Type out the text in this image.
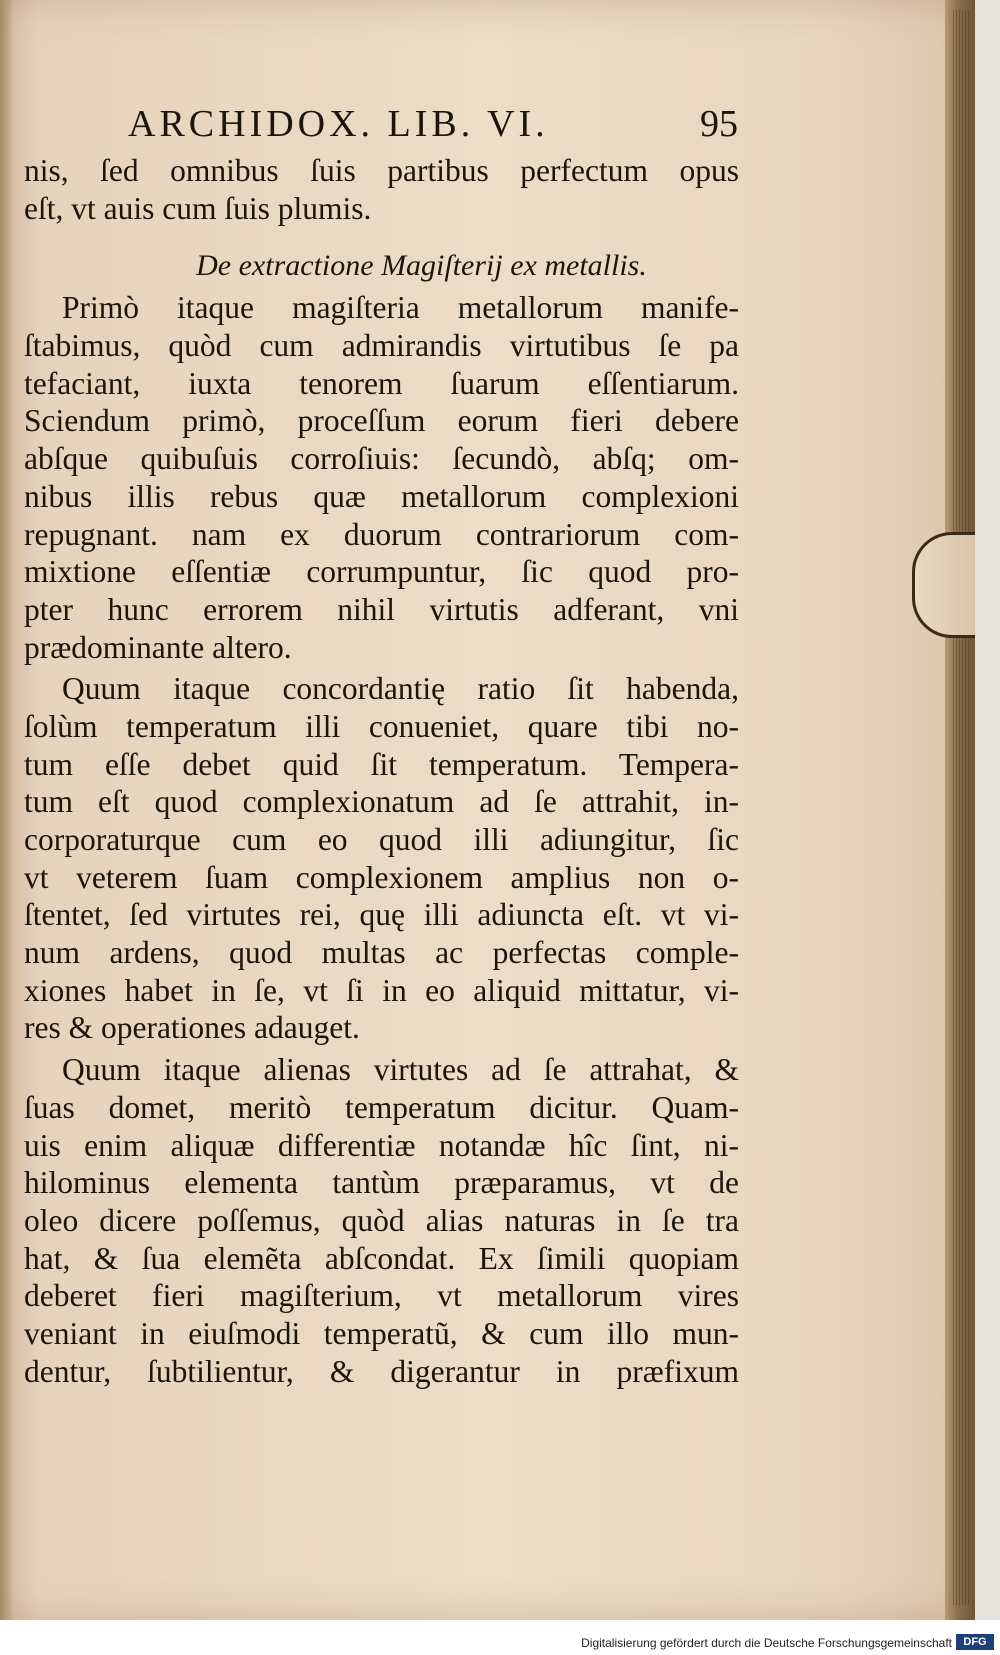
ARCHIDOX. LIB. VI.	95
nis, ſed omnibus ſuis partibus perfectum opus
eſt, vt auis cum ſuis plumis.
De extractione Magiſterij ex metallis.
Primò itaque magiſteria metallorum manife-
ſtabimus, quòd cum admirandis virtutibus ſe pa
tefaciant, iuxta tenorem ſuarum eſſentiarum.
Sciendum primò, proceſſum eorum fieri debere
abſque quibuſuis corroſiuis: ſecundò, abſq; om-
nibus illis rebus quæ metallorum complexioni
repugnant. nam ex duorum contrariorum com-
mixtione eſſentiæ corrumpuntur, ſic quod pro-
pter hunc errorem nihil virtutis adferant, vni
prædominante altero.
Quum itaque concordantię ratio ſit habenda,
ſolùm temperatum illi conueniet, quare tibi no-
tum eſſe debet quid ſit temperatum. Tempera-
tum eſt quod complexionatum ad ſe attrahit, in-
corporaturque cum eo quod illi adiungitur, ſic
vt veterem ſuam complexionem amplius non o-
ſtentet, ſed virtutes rei, quę illi adiuncta eſt. vt vi-
num ardens, quod multas ac perfectas comple-
xiones habet in ſe, vt ſi in eo aliquid mittatur, vi-
res & operationes adauget.
Quum itaque alienas virtutes ad ſe attrahat, &
ſuas domet, meritò temperatum dicitur. Quam-
uis enim aliquæ differentiæ notandæ hîc ſint, ni-
hilominus elementa tantùm præparamus, vt de
oleo dicere poſſemus, quòd alias naturas in ſe tra
hat, & ſua elemẽta abſcondat. Ex ſimili quopiam
deberet fieri magiſterium, vt metallorum vires
veniant in eiuſmodi temperatũ, & cum illo mun-
dentur, ſubtilientur, & digerantur in præfixum
Digitalisierung gefördert durch die Deutsche Forschungsgemeinschaft	DFG
